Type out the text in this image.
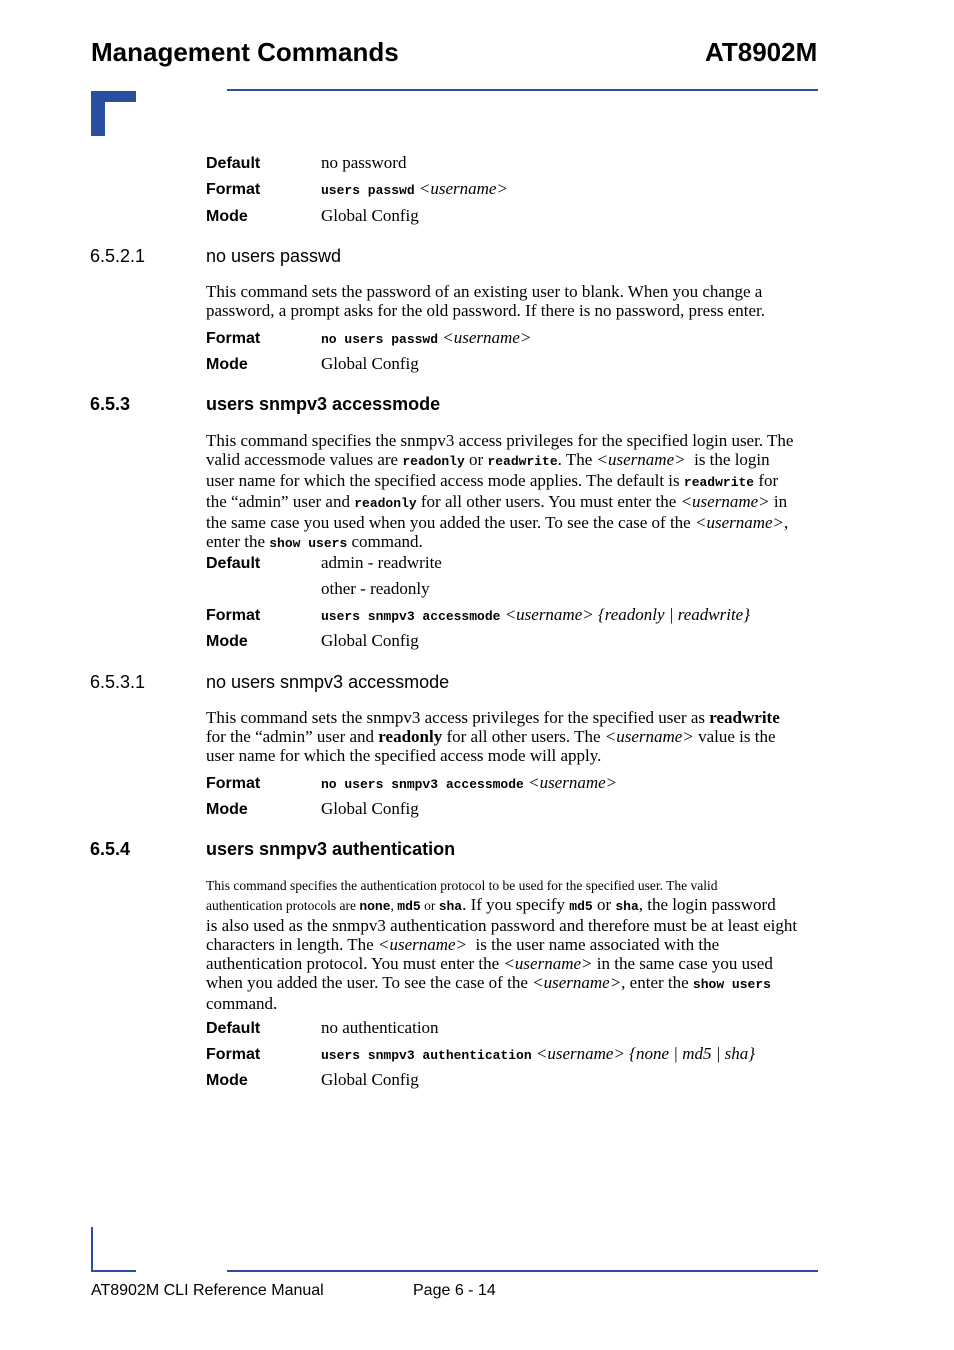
Management Commands	AT8902M
Default	no password
Format	users passwd <username>
Mode	Global Config
6.5.2.1	no users passwd
This command sets the password of an existing user to blank. When you change a
password, a prompt asks for the old password. If there is no password, press enter.
Format	no users passwd <username>
Mode	Global Config
6.5.3	users snmpv3 accessmode
This command specifies the snmpv3 access privileges for the specified login user. The
valid accessmode values are readonly or readwrite. The <username>  is the login
user name for which the specified access mode applies. The default is readwrite for
the “admin” user and readonly for all other users. You must enter the <username> in
the same case you used when you added the user. To see the case of the <username>,
enter the show users command.
Default	admin - readwrite
other - readonly
Format	users snmpv3 accessmode <username> {readonly | readwrite}
Mode	Global Config
6.5.3.1	no users snmpv3 accessmode
This command sets the snmpv3 access privileges for the specified user as readwrite
for the “admin” user and readonly for all other users. The <username> value is the
user name for which the specified access mode will apply.
Format	no users snmpv3 accessmode <username>
Mode	Global Config
6.5.4	users snmpv3 authentication
This command specifies the authentication protocol to be used for the specified user. The valid
authentication protocols are none, md5 or sha. If you specify md5 or sha, the login password
is also used as the snmpv3 authentication password and therefore must be at least eight
characters in length. The <username>  is the user name associated with the
authentication protocol. You must enter the <username> in the same case you used
when you added the user. To see the case of the <username>, enter the show users
command.
Default	no authentication
Format	users snmpv3 authentication <username> {none | md5 | sha}
Mode	Global Config
AT8902M CLI Reference Manual	Page 6 - 14
